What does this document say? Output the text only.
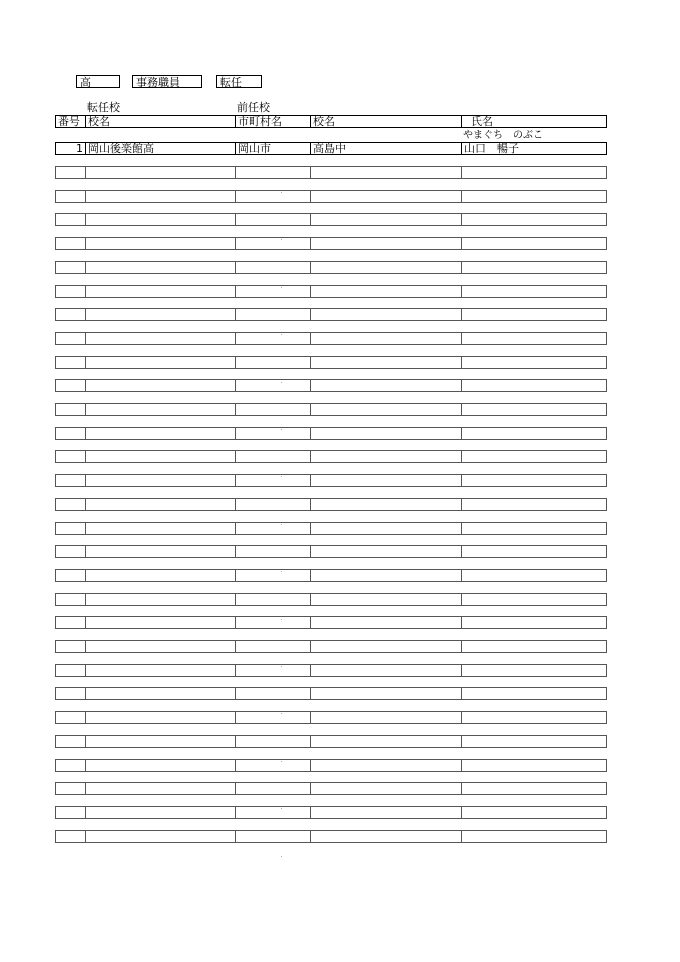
高	事務職員	転任
転任校	前任校
番号 校名	市町村名	校名	氏名
やまぐち　のぶこ
1 岡山後楽館高	岡山市	高島中	山口　暢子
